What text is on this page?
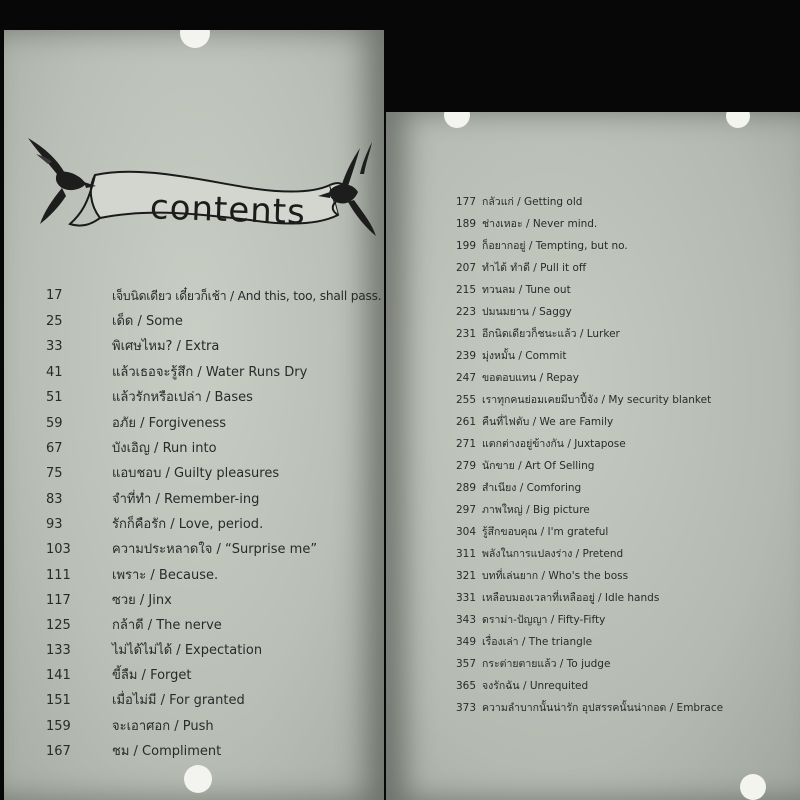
contents
17	เจ็บนิดเดียว เดี๋ยวก็เช้า / And this, too, shall pass.
25	เด็ด / Some
33	พิเศษไหม? / Extra
41	แล้วเธอจะรู้สึก / Water Runs Dry
51	แล้วรักหรือเปล่า / Bases
59	อภัย / Forgiveness
67	บังเอิญ / Run into
75	แอบชอบ / Guilty pleasures
83	จำที่ทำ / Remember-ing
93	รักก็คือรัก / Love, period.
103	ความประหลาดใจ / “Surprise me”
111	เพราะ / Because.
117	ซวย / Jinx
125	กล้าดี / The nerve
133	ไม่ได้ไม่ได้ / Expectation
141	ขี้ลืม / Forget
151	เมื่อไม่มี / For granted
159	จะเอาศอก / Push
167	ชม / Compliment
177 กลัวแก่ / Getting old
189 ช่างเหอะ / Never mind.
199 ก็อยากอยู่ / Tempting, but no.
207 ทำได้ ทำดี / Pull it off
215 ทวนลม / Tune out
223 ปมนมยาน / Saggy
231 อีกนิดเดียวก็ชนะแล้ว / Lurker
239 มุ่งหมั้น / Commit
247 ขอตอบแทน / Repay
255 เราทุกคนย่อมเคยมีบาปี้จัง / My security blanket
261 คืนที่ไฟดับ / We are Family
271 แตกต่างอยู่ข้างกัน / Juxtapose
279 นักขาย / Art Of Selling
289 สำเนียง / Comforing
297 ภาพใหญ่ / Big picture
304 รู้สึกขอบคุณ / I'm grateful
311 พลังในการแปลงร่าง / Pretend
321 บทที่เล่นยาก / Who's the boss
331 เหลือบมองเวลาที่เหลืออยู่ / Idle hands
343 ดราม่า-ปัญญา / Fifty-Fifty
349 เรื่องเล่า / The triangle
357 กระต่ายตายแล้ว / To judge
365 จงรักฉัน / Unrequited
373 ความลำบากนั้นน่ารัก อุปสรรคนั้นน่ากอด / Embrace
